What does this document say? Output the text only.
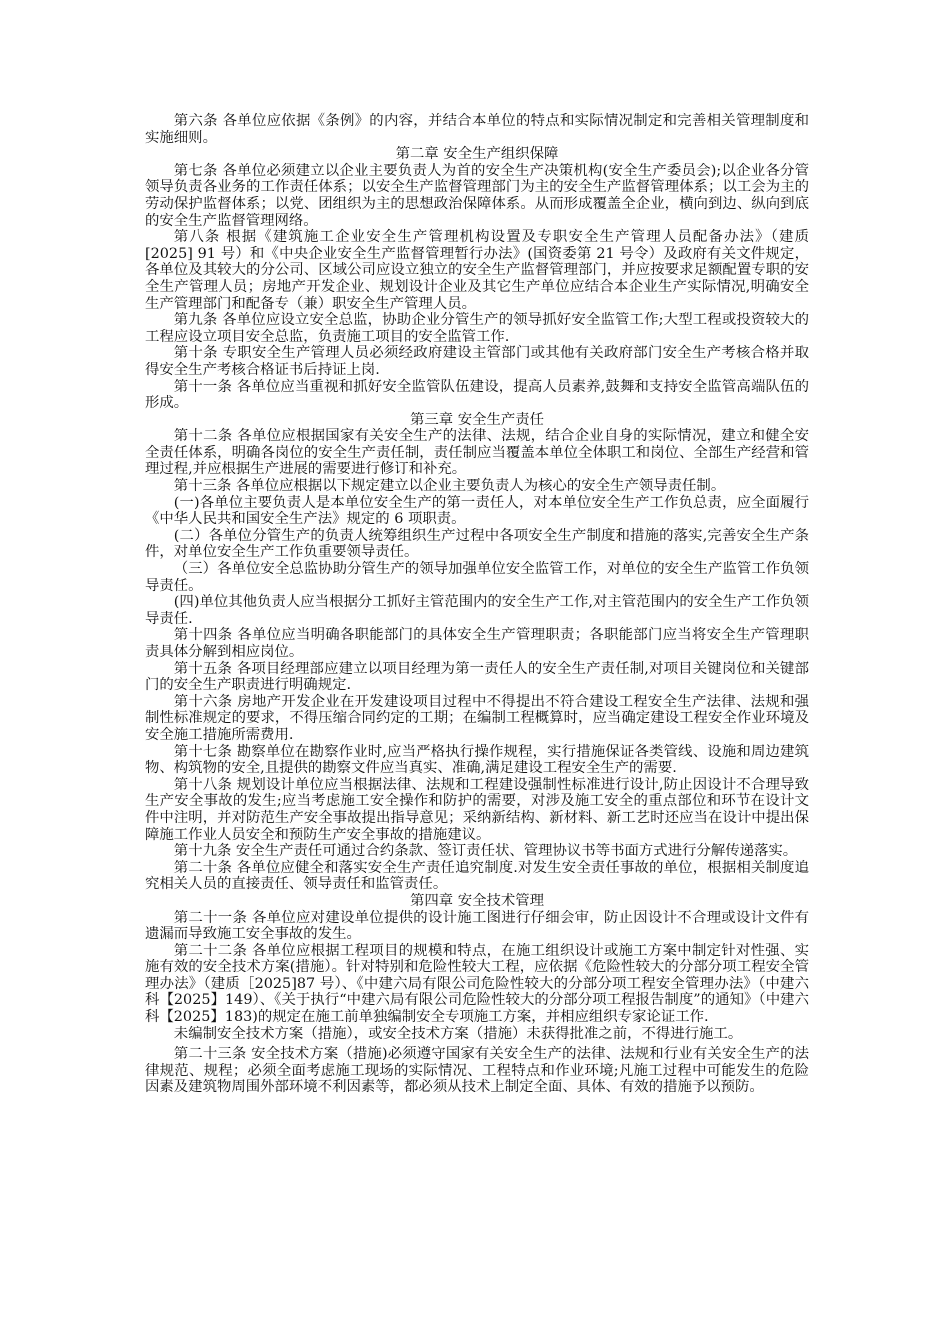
第六条 各单位应依据《条例》的内容，并结合本单位的特点和实际情况制定和完善相关管理制度和实施细则。

第二章 安全生产组织保障

第七条 各单位必须建立以企业主要负责人为首的安全生产决策机构(安全生产委员会);以企业各分管领导负责各业务的工作责任体系；以安全生产监督管理部门为主的安全生产监督管理体系；以工会为主的劳动保护监督体系；以党、团组织为主的思想政治保障体系。从而形成覆盖全企业，横向到边、纵向到底的安全生产监督管理网络。

第八条 根据《建筑施工企业安全生产管理机构设置及专职安全生产管理人员配备办法》（建质[2025] 91 号）和《中央企业安全生产监督管理暂行办法》(国资委第 21 号令）及政府有关文件规定，各单位及其较大的分公司、区域公司应设立独立的安全生产监督管理部门，并应按要求足额配置专职的安全生产管理人员；房地产开发企业、规划设计企业及其它生产单位应结合本企业生产实际情况,明确安全生产管理部门和配备专（兼）职安全生产管理人员。

第九条 各单位应设立安全总监，协助企业分管生产的领导抓好安全监管工作;大型工程或投资较大的工程应设立项目安全总监，负责施工项目的安全监管工作.

第十条 专职安全生产管理人员必须经政府建设主管部门或其他有关政府部门安全生产考核合格并取得安全生产考核合格证书后持证上岗.

第十一条 各单位应当重视和抓好安全监管队伍建设，提高人员素养,鼓舞和支持安全监管高端队伍的形成。

第三章 安全生产责任

第十二条 各单位应根据国家有关安全生产的法律、法规，结合企业自身的实际情况，建立和健全安全责任体系，明确各岗位的安全生产责任制，责任制应当覆盖本单位全体职工和岗位、全部生产经营和管理过程,并应根据生产进展的需要进行修订和补充。

第十三条 各单位应根据以下规定建立以企业主要负责人为核心的安全生产领导责任制。

(一)各单位主要负责人是本单位安全生产的第一责任人，对本单位安全生产工作负总责，应全面履行《中华人民共和国安全生产法》规定的 6 项职责。

(二）各单位分管生产的负责人统筹组织生产过程中各项安全生产制度和措施的落实,完善安全生产条件，对单位安全生产工作负重要领导责任。

（三）各单位安全总监协助分管生产的领导加强单位安全监管工作，对单位的安全生产监管工作负领导责任。

(四)单位其他负责人应当根据分工抓好主管范围内的安全生产工作,对主管范围内的安全生产工作负领导责任.

第十四条 各单位应当明确各职能部门的具体安全生产管理职责；各职能部门应当将安全生产管理职责具体分解到相应岗位。

第十五条 各项目经理部应建立以项目经理为第一责任人的安全生产责任制,对项目关键岗位和关键部门的安全生产职责进行明确规定.

第十六条 房地产开发企业在开发建设项目过程中不得提出不符合建设工程安全生产法律、法规和强制性标准规定的要求，不得压缩合同约定的工期；在编制工程概算时，应当确定建设工程安全作业环境及安全施工措施所需费用.

第十七条 勘察单位在勘察作业时,应当严格执行操作规程，实行措施保证各类管线、设施和周边建筑物、构筑物的安全,且提供的勘察文件应当真实、准确,满足建设工程安全生产的需要.

第十八条 规划设计单位应当根据法律、法规和工程建设强制性标准进行设计,防止因设计不合理导致生产安全事故的发生;应当考虑施工安全操作和防护的需要，对涉及施工安全的重点部位和环节在设计文件中注明，并对防范生产安全事故提出指导意见；采纳新结构、新材料、新工艺时还应当在设计中提出保障施工作业人员安全和预防生产安全事故的措施建议。

第十九条 安全生产责任可通过合约条款、签订责任状、管理协议书等书面方式进行分解传递落实。

第二十条 各单位应健全和落实安全生产责任追究制度.对发生安全责任事故的单位，根据相关制度追究相关人员的直接责任、领导责任和监管责任。

第四章 安全技术管理

第二十一条 各单位应对建设单位提供的设计施工图进行仔细会审，防止因设计不合理或设计文件有遗漏而导致施工安全事故的发生。

第二十二条 各单位应根据工程项目的规模和特点，在施工组织设计或施工方案中制定针对性强、实施有效的安全技术方案(措施）。针对特别和危险性较大工程，应依据《危险性较大的分部分项工程安全管理办法》（建质［2025]87 号）、《中建六局有限公司危险性较大的分部分项工程安全管理办法》（中建六科【2025】149）、《关于执行“中建六局有限公司危险性较大的分部分项工程报告制度”的通知》（中建六科【2025】183)的规定在施工前单独编制安全专项施工方案，并相应组织专家论证工作.

未编制安全技术方案（措施），或安全技术方案（措施）未获得批准之前，不得进行施工。

第二十三条 安全技术方案（措施)必须遵守国家有关安全生产的法律、法规和行业有关安全生产的法律规范、规程；必须全面考虑施工现场的实际情况、工程特点和作业环境;凡施工过程中可能发生的危险因素及建筑物周围外部环境不利因素等，都必须从技术上制定全面、具体、有效的措施予以预防。
